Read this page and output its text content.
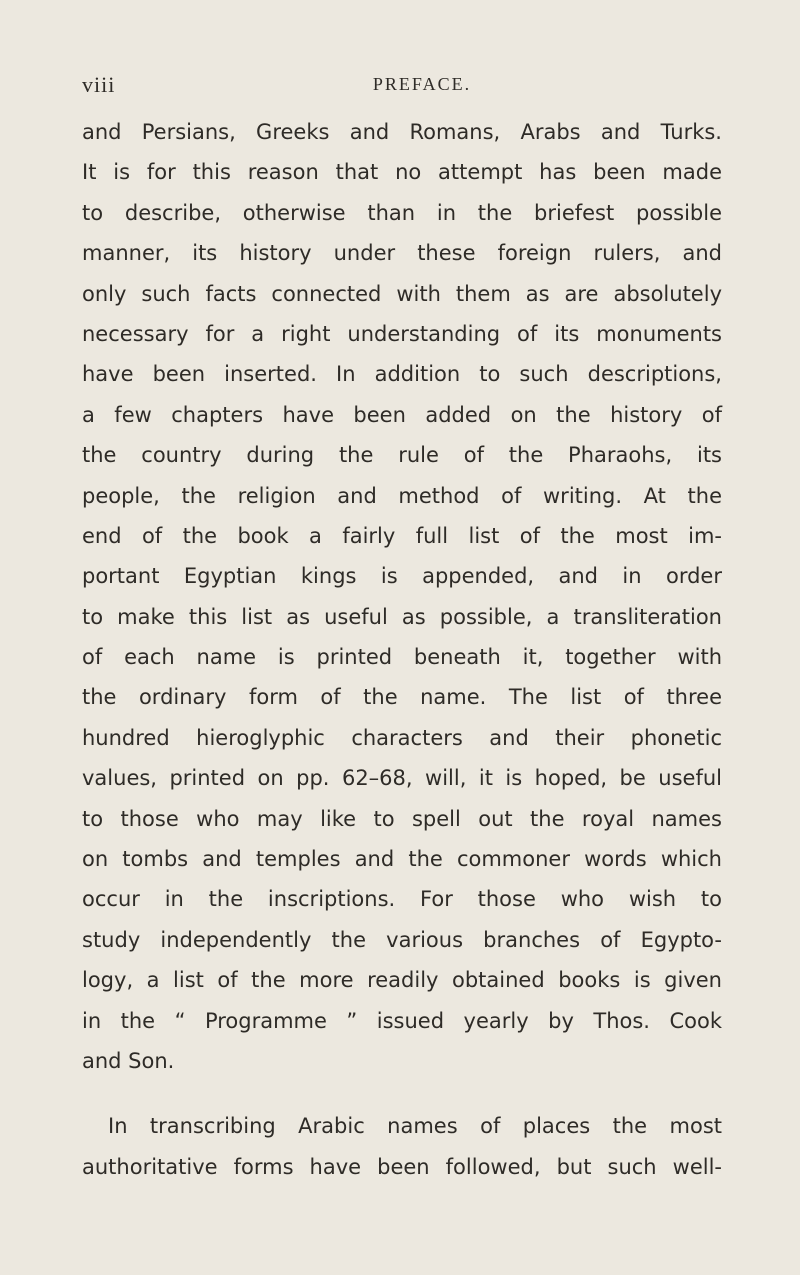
viii	PREFACE.
and Persians, Greeks and Romans, Arabs and Turks.
It is for this reason that no attempt has been made
to describe, otherwise than in the briefest possible
manner, its history under these foreign rulers, and
only such facts connected with them as are absolutely
necessary for a right understanding of its monuments
have been inserted. In addition to such descriptions,
a few chapters have been added on the history of
the country during the rule of the Pharaohs, its
people, the religion and method of writing. At the
end of the book a fairly full list of the most im-
portant Egyptian kings is appended, and in order
to make this list as useful as possible, a transliteration
of each name is printed beneath it, together with
the ordinary form of the name. The list of three
hundred hieroglyphic characters and their phonetic
values, printed on pp. 62–68, will, it is hoped, be useful
to those who may like to spell out the royal names
on tombs and temples and the commoner words which
occur in the inscriptions. For those who wish to
study independently the various branches of Egypto-
logy, a list of the more readily obtained books is given
in the “ Programme ” issued yearly by Thos. Cook
and Son.
In transcribing Arabic names of places the most
authoritative forms have been followed, but such well-
